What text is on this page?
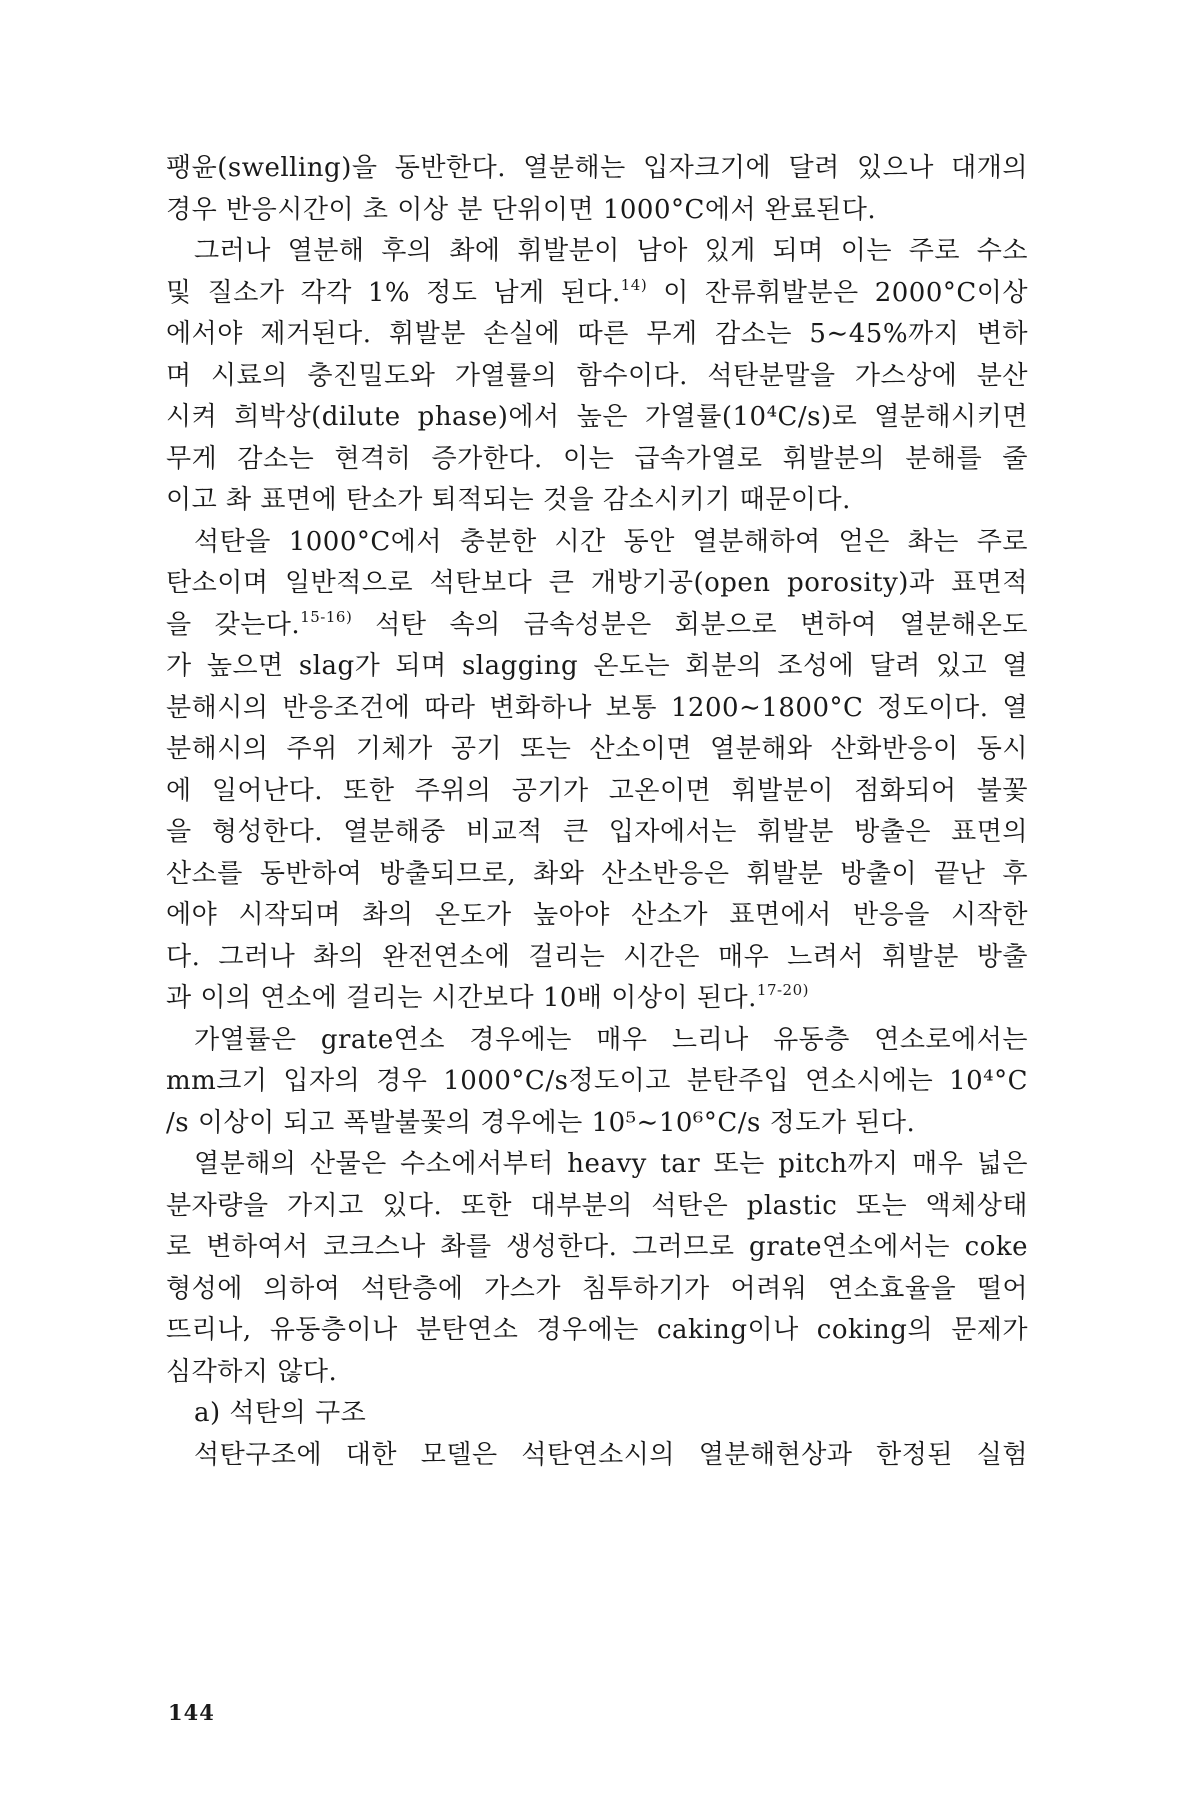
팽윤(swelling)을 동반한다. 열분해는 입자크기에 달려 있으나 대개의
경우 반응시간이 초 이상 분 단위이면 1000°C에서 완료된다.
그러나 열분해 후의 촤에 휘발분이 남아 있게 되며 이는 주로 수소
및 질소가 각각 1% 정도 남게 된다.$^{14)}$ 이 잔류휘발분은 2000°C이상
에서야 제거된다. 휘발분 손실에 따른 무게 감소는 5∼45%까지 변하
며 시료의 충진밀도와 가열률의 함수이다. 석탄분말을 가스상에 분산
시켜 희박상(dilute phase)에서 높은 가열률(10⁴C/s)로 열분해시키면
무게 감소는 현격히 증가한다. 이는 급속가열로 휘발분의 분해를 줄
이고 촤 표면에 탄소가 퇴적되는 것을 감소시키기 때문이다.
석탄을 1000°C에서 충분한 시간 동안 열분해하여 얻은 촤는 주로
탄소이며 일반적으로 석탄보다 큰 개방기공(open porosity)과 표면적
을 갖는다.$^{15-16)}$ 석탄 속의 금속성분은 회분으로 변하여 열분해온도
가 높으면 slag가 되며 slagging 온도는 회분의 조성에 달려 있고 열
분해시의 반응조건에 따라 변화하나 보통 1200∼1800°C 정도이다. 열
분해시의 주위 기체가 공기 또는 산소이면 열분해와 산화반응이 동시
에 일어난다. 또한 주위의 공기가 고온이면 휘발분이 점화되어 불꽃
을 형성한다. 열분해중 비교적 큰 입자에서는 휘발분 방출은 표면의
산소를 동반하여 방출되므로, 촤와 산소반응은 휘발분 방출이 끝난 후
에야 시작되며 촤의 온도가 높아야 산소가 표면에서 반응을 시작한
다. 그러나 촤의 완전연소에 걸리는 시간은 매우 느려서 휘발분 방출
과 이의 연소에 걸리는 시간보다 10배 이상이 된다.$^{17-20)}$
가열률은 grate연소 경우에는 매우 느리나 유동층 연소로에서는
mm크기 입자의 경우 1000°C/s정도이고 분탄주입 연소시에는 10⁴°C
/s 이상이 되고 폭발불꽃의 경우에는 10⁵∼10⁶°C/s 정도가 된다.
열분해의 산물은 수소에서부터 heavy tar 또는 pitch까지 매우 넓은
분자량을 가지고 있다. 또한 대부분의 석탄은 plastic 또는 액체상태
로 변하여서 코크스나 촤를 생성한다. 그러므로 grate연소에서는 coke
형성에 의하여 석탄층에 가스가 침투하기가 어려워 연소효율을 떨어
뜨리나, 유동층이나 분탄연소 경우에는 caking이나 coking의 문제가
심각하지 않다.
a) 석탄의 구조
석탄구조에 대한 모델은 석탄연소시의 열분해현상과 한정된 실험
144
